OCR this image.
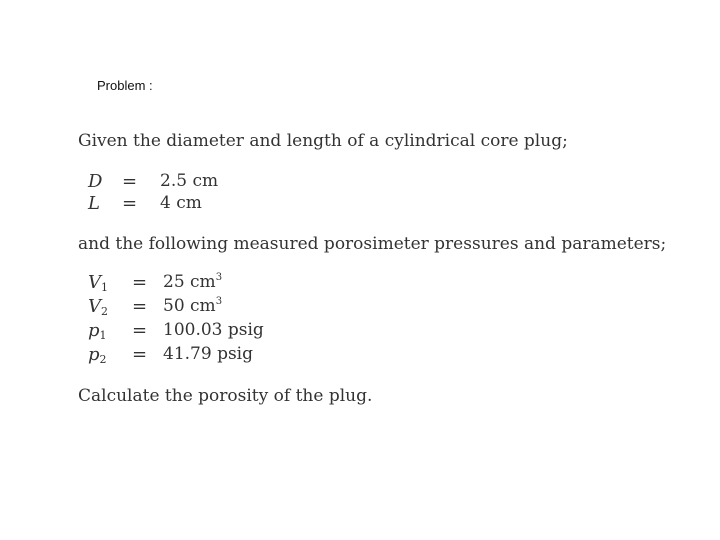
Problem :
Given the diameter and length of a cylindrical core plug;
D = 2.5 cm
L = 4 cm
and the following measured porosimeter pressures and parameters;
$V_1 = 25$ $cm^3$
$V_2 = 50$ $cm^3$
$p_1 = 100.03$ psig
$p_2 = 41.79$ psig
Calculate the porosity of the plug.
